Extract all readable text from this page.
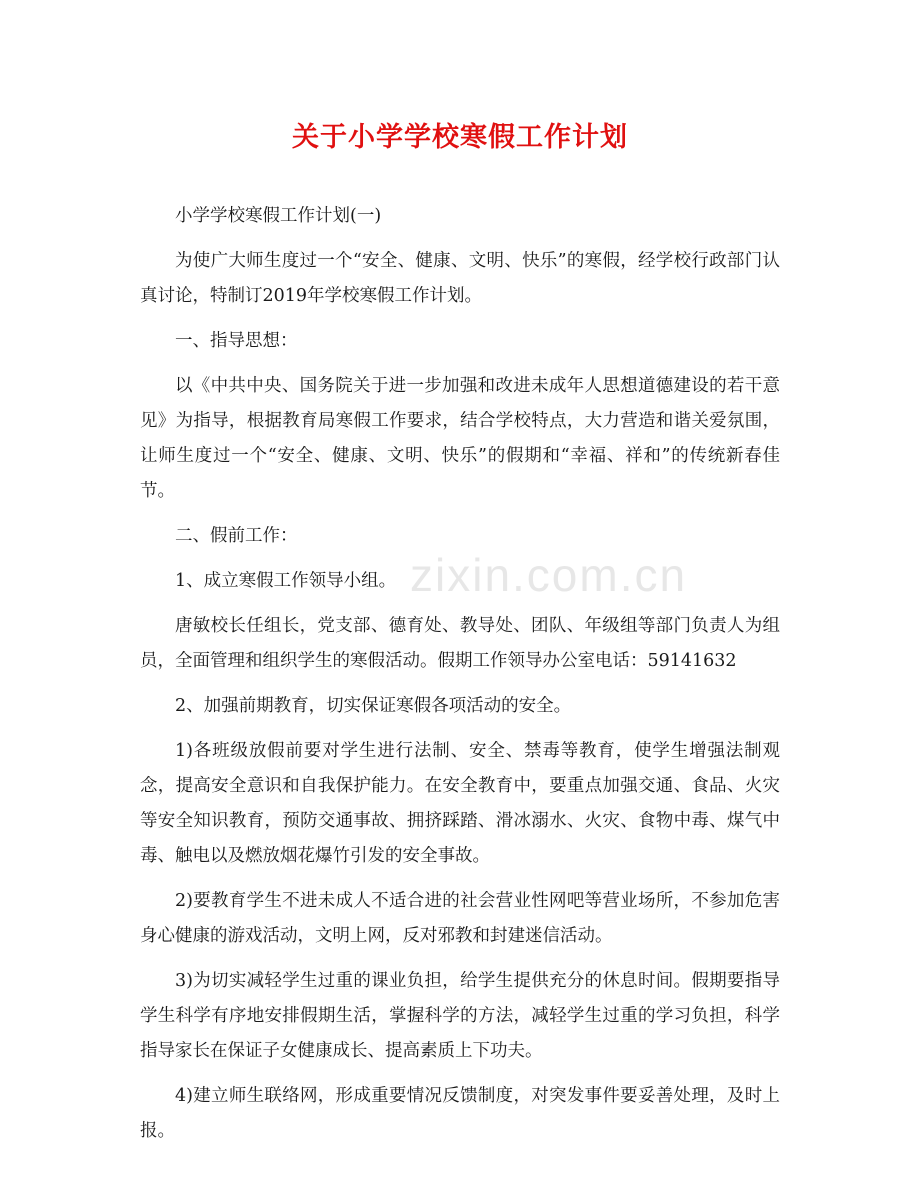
关于小学学校寒假工作计划

小学学校寒假工作计划(一)

为使广大师生度过一个“安全、健康、文明、快乐”的寒假，经学校行政部门认真讨论，特制订2019年学校寒假工作计划。

一、指导思想：

以《中共中央、国务院关于进一步加强和改进未成年人思想道德建设的若干意见》为指导，根据教育局寒假工作要求，结合学校特点，大力营造和谐关爱氛围，让师生度过一个“安全、健康、文明、快乐”的假期和“幸福、祥和”的传统新春佳节。

二、假前工作：

1、成立寒假工作领导小组。

唐敏校长任组长，党支部、德育处、教导处、团队、年级组等部门负责人为组员，全面管理和组织学生的寒假活动。假期工作领导办公室电话：59141632

2、加强前期教育，切实保证寒假各项活动的安全。

1)各班级放假前要对学生进行法制、安全、禁毒等教育，使学生增强法制观念，提高安全意识和自我保护能力。在安全教育中，要重点加强交通、食品、火灾等安全知识教育，预防交通事故、拥挤踩踏、滑冰溺水、火灾、食物中毒、煤气中毒、触电以及燃放烟花爆竹引发的安全事故。

2)要教育学生不进未成人不适合进的社会营业性网吧等营业场所，不参加危害身心健康的游戏活动，文明上网，反对邪教和封建迷信活动。

3)为切实减轻学生过重的课业负担，给学生提供充分的休息时间。假期要指导学生科学有序地安排假期生活，掌握科学的方法，减轻学生过重的学习负担，科学指导家长在保证子女健康成长、提高素质上下功夫。

4)建立师生联络网，形成重要情况反馈制度，对突发事件要妥善处理，及时上报。

zixin.com.cn
